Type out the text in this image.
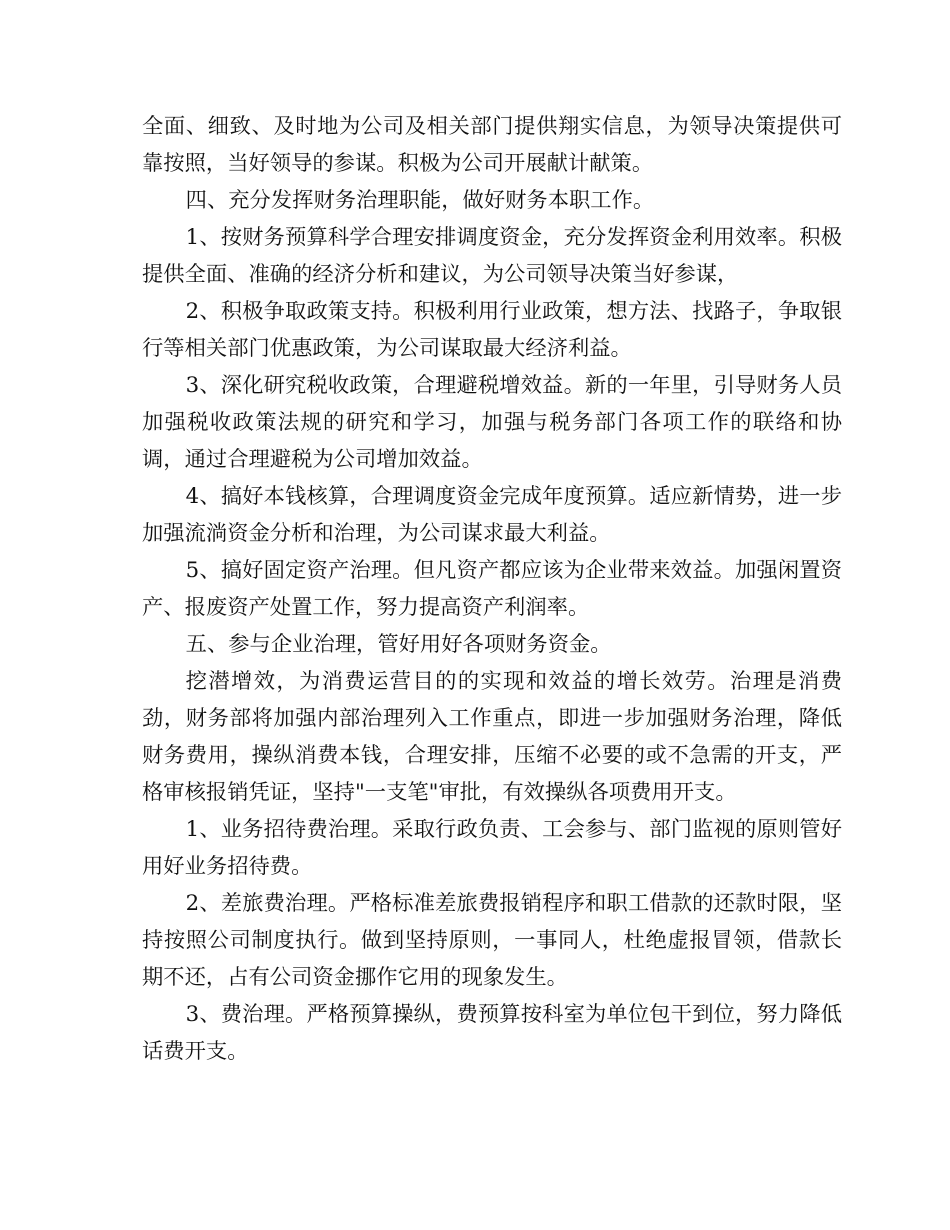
全面、细致、及时地为公司及相关部门提供翔实信息，为领导决策提供可靠按照，当好领导的参谋。积极为公司开展献计献策。

四、充分发挥财务治理职能，做好财务本职工作。

1、按财务预算科学合理安排调度资金，充分发挥资金利用效率。积极提供全面、准确的经济分析和建议，为公司领导决策当好参谋，

2、积极争取政策支持。积极利用行业政策，想方法、找路子，争取银行等相关部门优惠政策，为公司谋取最大经济利益。

3、深化研究税收政策，合理避税增效益。新的一年里，引导财务人员加强税收政策法规的研究和学习，加强与税务部门各项工作的联络和协调，通过合理避税为公司增加效益。

4、搞好本钱核算，合理调度资金完成年度预算。适应新情势，进一步加强流淌资金分析和治理，为公司谋求最大利益。

5、搞好固定资产治理。但凡资产都应该为企业带来效益。加强闲置资产、报废资产处置工作，努力提高资产利润率。

五、参与企业治理，管好用好各项财务资金。

挖潜增效，为消费运营目的的实现和效益的增长效劳。治理是消费劲，财务部将加强内部治理列入工作重点，即进一步加强财务治理，降低财务费用，操纵消费本钱，合理安排，压缩不必要的或不急需的开支，严格审核报销凭证，坚持"一支笔"审批，有效操纵各项费用开支。

1、业务招待费治理。采取行政负责、工会参与、部门监视的原则管好用好业务招待费。

2、差旅费治理。严格标准差旅费报销程序和职工借款的还款时限，坚持按照公司制度执行。做到坚持原则，一事同人，杜绝虚报冒领，借款长期不还，占有公司资金挪作它用的现象发生。

3、费治理。严格预算操纵，费预算按科室为单位包干到位，努力降低话费开支。
